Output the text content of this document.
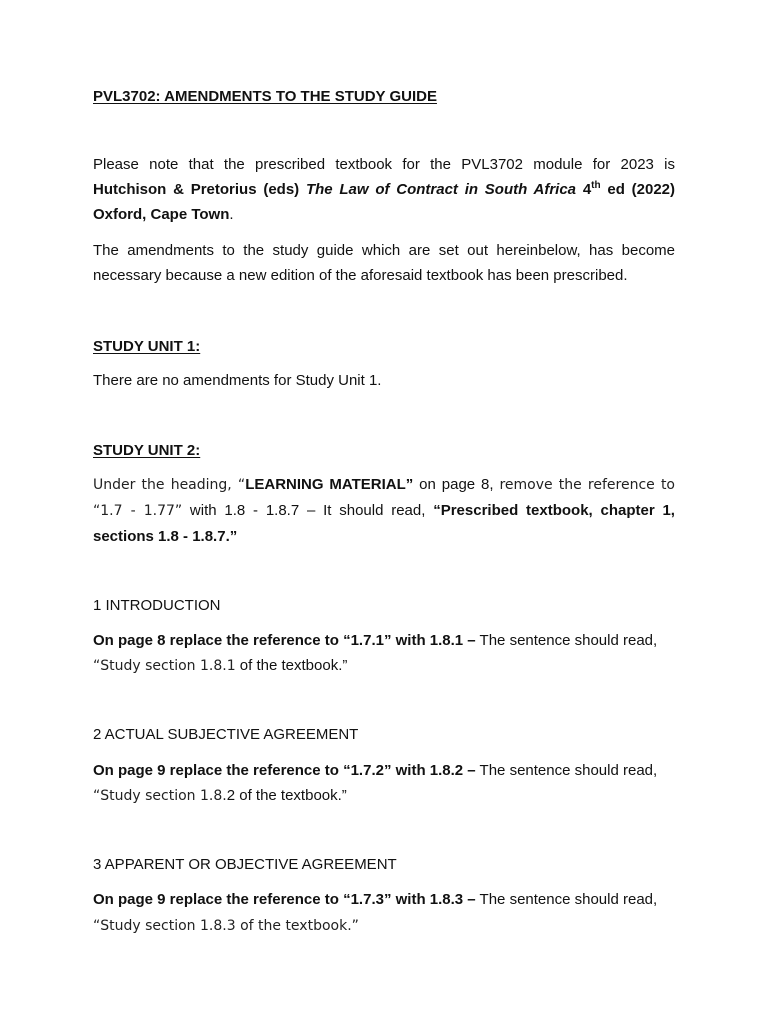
PVL3702: AMENDMENTS TO THE STUDY GUIDE
Please note that the prescribed textbook for the PVL3702 module for 2023 is Hutchison & Pretorius (eds) The Law of Contract in South Africa 4th ed (2022) Oxford, Cape Town.
The amendments to the study guide which are set out hereinbelow, has become necessary because a new edition of the aforesaid textbook has been prescribed.
STUDY UNIT 1:
There are no amendments for Study Unit 1.
STUDY UNIT 2:
Under the heading, “LEARNING MATERIAL” on page 8, remove the reference to “1.7 - 1.77” with 1.8 - 1.8.7 – It should read, “Prescribed textbook, chapter 1, sections 1.8 - 1.8.7.”
1 INTRODUCTION
On page 8 replace the reference to “1.7.1” with 1.8.1 – The sentence should read,
“Study section 1.8.1 of the textbook.”
2 ACTUAL SUBJECTIVE AGREEMENT
On page 9 replace the reference to “1.7.2” with 1.8.2 – The sentence should read,
“Study section 1.8.2 of the textbook.”
3 APPARENT OR OBJECTIVE AGREEMENT
On page 9 replace the reference to “1.7.3” with 1.8.3 – The sentence should read,
“Study section 1.8.3 of the textbook.”
